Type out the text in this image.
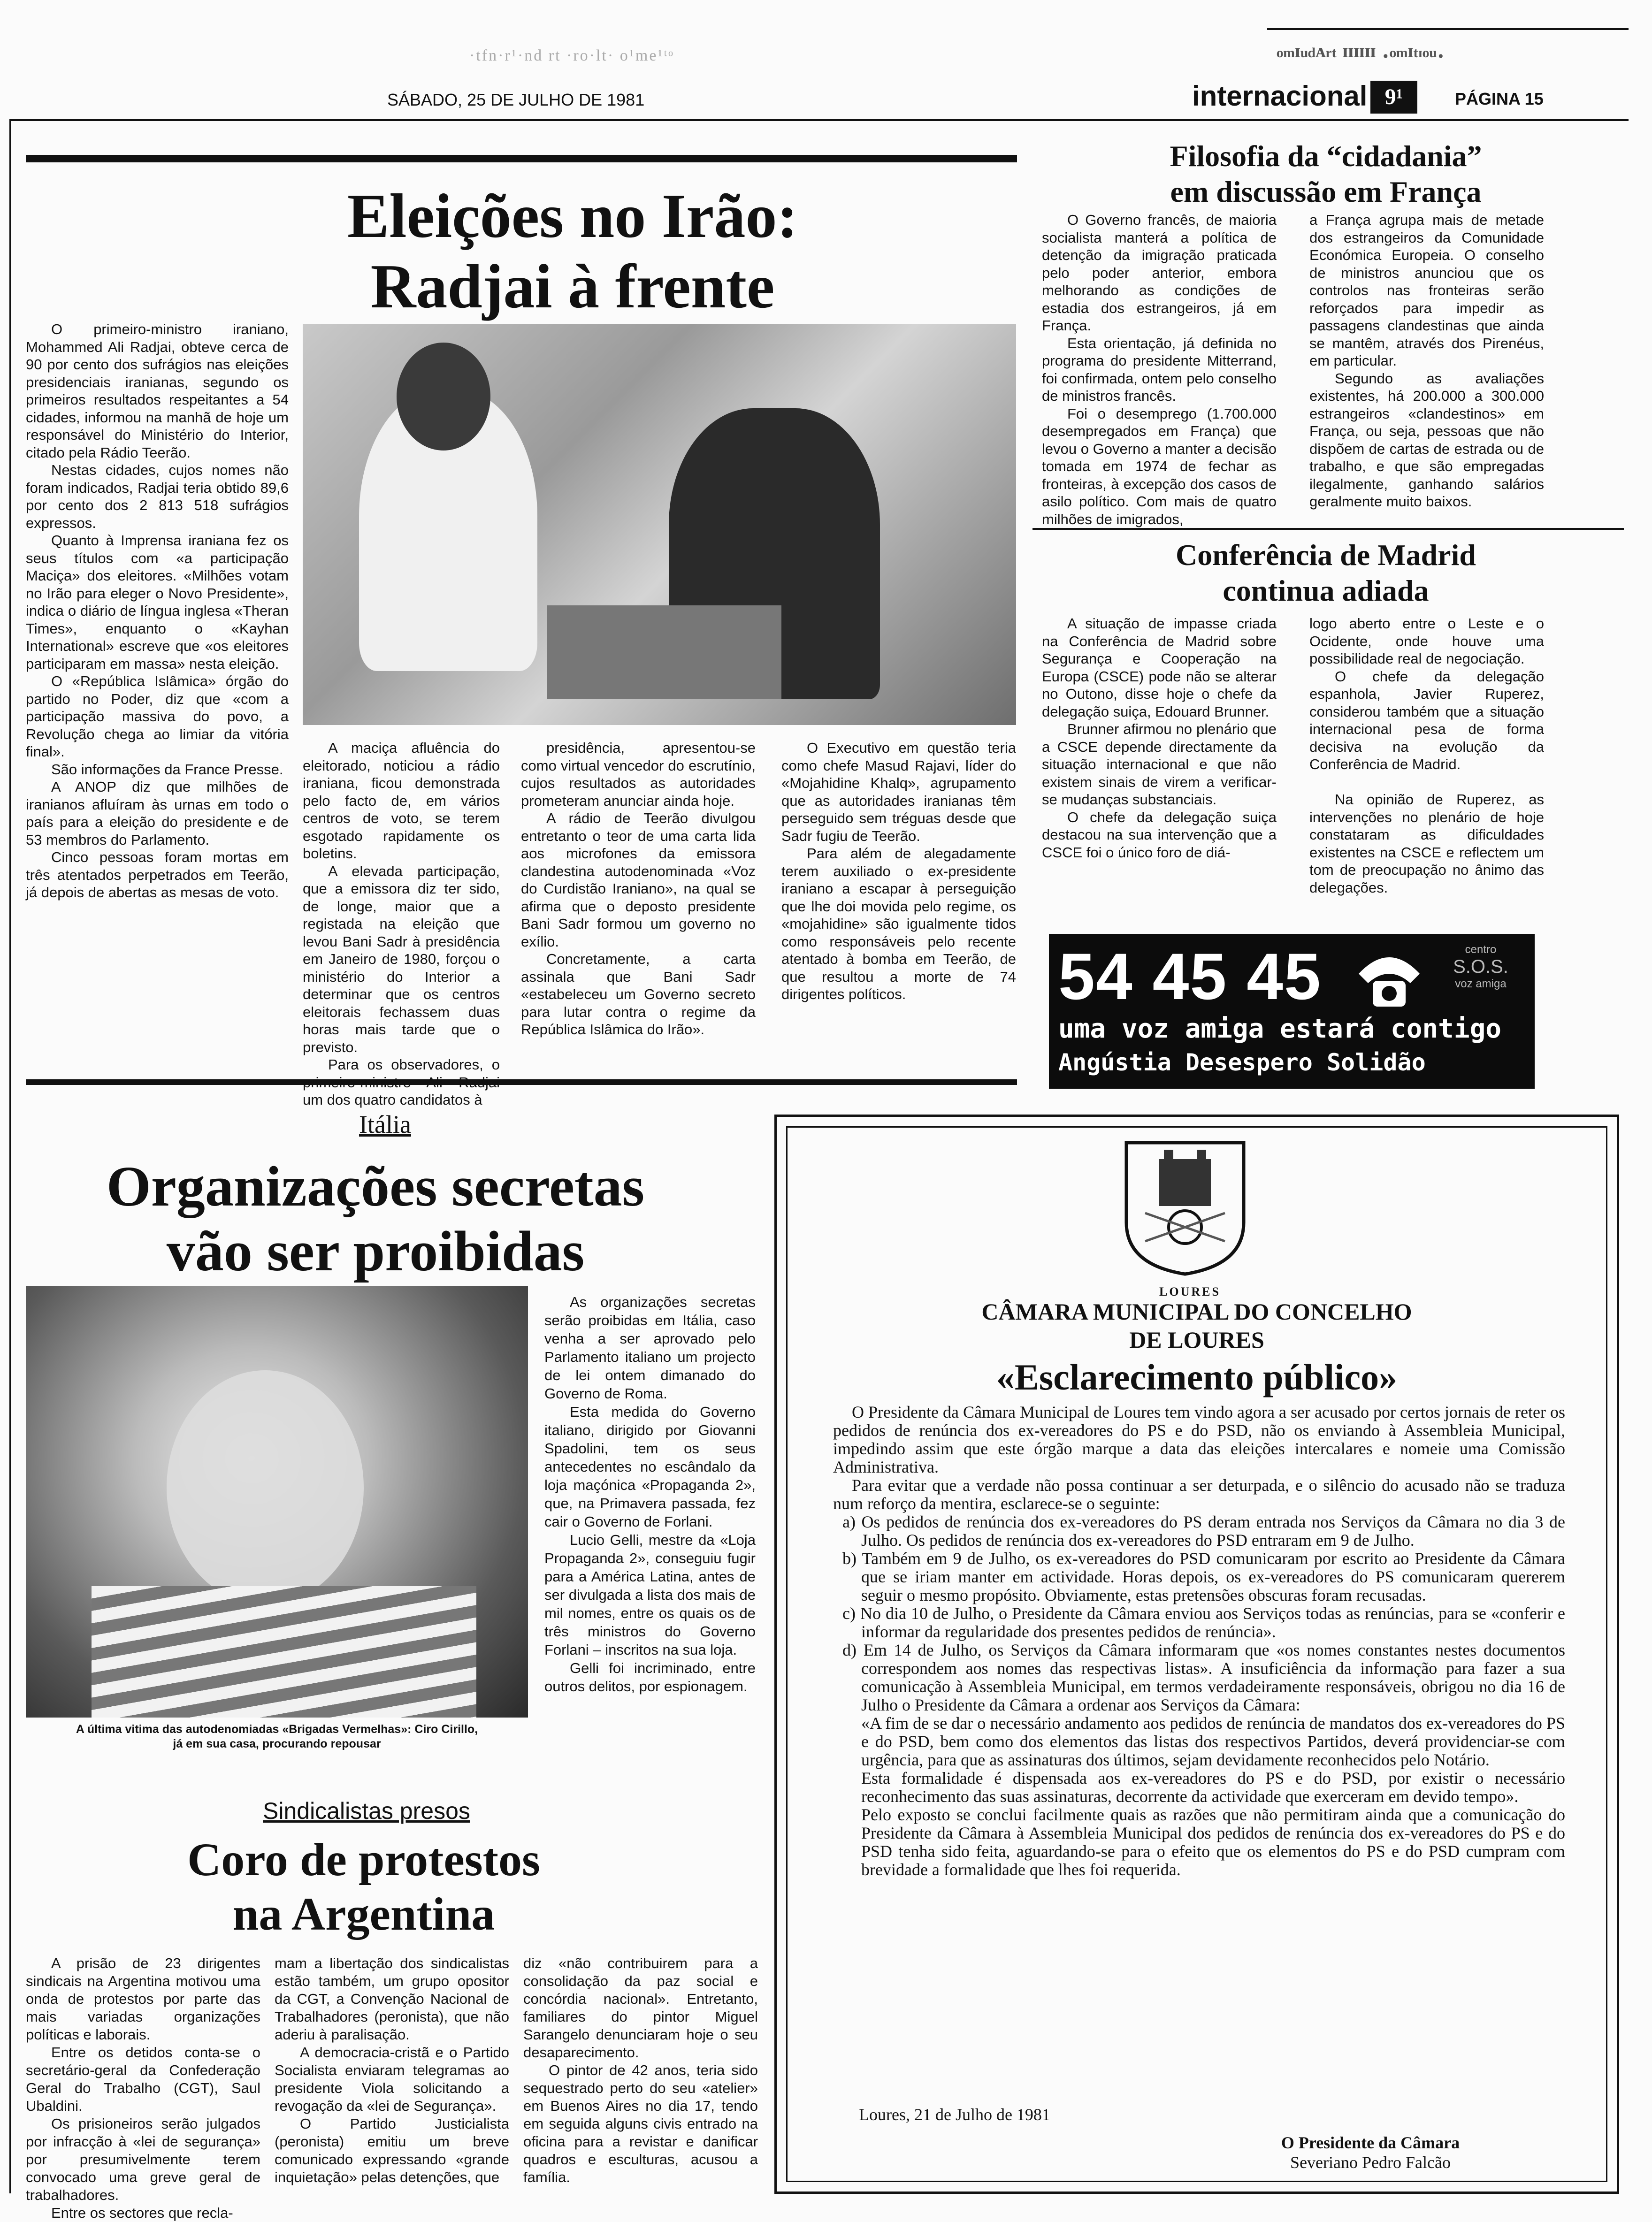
·tfn·r¹·nd rt ·ro·lt· o¹me¹ᵗᵒ	ᵒᵐᴵᵘᵈᴬʳᵗ ᴵᴵᴵᴵᴵᴵ ·ᵒᵐᴵᵗᶦᵒᵘ·
SÁBADO, 25 DE JULHO DE 1981	internacional 9¹	PÁGINA 15
Eleições no Irão:
Radjai à frente

O primeiro-ministro iraniano, Mohammed Ali Radjai, obteve cerca de 90 por cento dos sufrágios nas eleições presidenciais iranianas, segundo os primeiros resultados respeitantes a 54 cidades, informou na manhã de hoje um responsável do Ministério do Interior, citado pela Rádio Teerão.

Nestas cidades, cujos nomes não foram indicados, Radjai teria obtido 89,6 por cento dos 2 813 518 sufrágios expressos.

Quanto à Imprensa iraniana fez os seus títulos com «a participação Maciça» dos eleitores. «Milhões votam no Irão para eleger o Novo Presidente», indica o diário de língua inglesa «Theran Times», enquanto o «Kayhan International» escreve que «os eleitores participaram em massa» nesta eleição.

O «República Islâmica» órgão do partido no Poder, diz que «com a participação massiva do povo, a Revolução chega ao limiar da vitória final».

São informações da France Presse.

A ANOP diz que milhões de iranianos afluíram às urnas em todo o país para a eleição do presidente e de 53 membros do Parlamento.

Cinco pessoas foram mortas em três atentados perpetrados em Teerão, já depois de abertas as mesas de voto.

A maciça afluência do eleitorado, noticiou a rádio iraniana, ficou demonstrada pelo facto de, em vários centros de voto, se terem esgotado rapidamente os boletins.

A elevada participação, que a emissora diz ter sido, de longe, maior que a registada na eleição que levou Bani Sadr à presidência em Janeiro de 1980, forçou o ministério do Interior a determinar que os centros eleitorais fechassem duas horas mais tarde que o previsto.

Para os observadores, o primeiro-ministro Ali Radjai um dos quatro candidatos à

presidência, apresentou-se como virtual vencedor do escrutínio, cujos resultados as autoridades prometeram anunciar ainda hoje.

A rádio de Teerão divulgou entretanto o teor de uma carta lida aos microfones da emissora clandestina autodenominada «Voz do Curdistão Iraniano», na qual se afirma que o deposto presidente Bani Sadr formou um governo no exílio.

Concretamente, a carta assinala que Bani Sadr «estabeleceu um Governo secreto para lutar contra o regime da República Islâmica do Irão».

O Executivo em questão teria como chefe Masud Rajavi, líder do «Mojahidine Khalq», agrupamento que as autoridades iranianas têm perseguido sem tréguas desde que Sadr fugiu de Teerão.

Para além de alegadamente terem auxiliado o ex-presidente iraniano a escapar à perseguição que lhe doi movida pelo regime, os «mojahidine» são igualmente tidos como responsáveis pelo recente atentado à bomba em Teerão, de que resultou a morte de 74 dirigentes políticos.

Filosofia da “cidadania”
em discussão em França

O Governo francês, de maioria socialista manterá a política de detenção da imigração praticada pelo poder anterior, embora melhorando as condições de estadia dos estrangeiros, já em França.

Esta orientação, já definida no programa do presidente Mitterrand, foi confirmada, ontem pelo conselho de ministros francês.

Foi o desemprego (1.700.000 desempregados em França) que levou o Governo a manter a decisão tomada em 1974 de fechar as fronteiras, à excepção dos casos de asilo político. Com mais de quatro milhões de imigrados,

a França agrupa mais de metade dos estrangeiros da Comunidade Económica Europeia. O conselho de ministros anunciou que os controlos nas fronteiras serão reforçados para impedir as passagens clandestinas que ainda se mantêm, através dos Pirenéus, em particular.

Segundo as avaliações existentes, há 200.000 a 300.000 estrangeiros «clandestinos» em França, ou seja, pessoas que não dispõem de cartas de estrada ou de trabalho, e que são empregadas ilegalmente, ganhando salários geralmente muito baixos.

Conferência de Madrid
continua adiada

A situação de impasse criada na Conferência de Madrid sobre Segurança e Cooperação na Europa (CSCE) pode não se alterar no Outono, disse hoje o chefe da delegação suiça, Edouard Brunner.

Brunner afirmou no plenário que a CSCE depende directamente da situação internacional e que não existem sinais de virem a verificar-se mudanças substanciais.

O chefe da delegação suiça destacou na sua intervenção que a CSCE foi o único foro de diá-

logo aberto entre o Leste e o Ocidente, onde houve uma possibilidade real de negociação.

O chefe da delegação espanhola, Javier Ruperez, considerou também que a situação internacional pesa de forma decisiva na evolução da Conferência de Madrid.

Na opinião de Ruperez, as intervenções no plenário de hoje constataram as dificuldades existentes na CSCE e reflectem um tom de preocupação no ânimo das delegações.

54 45 45	centro
S.O.S.
voz amiga
uma voz amiga estará contigo
Angústia Desespero Solidão
Itália
Organizações secretas
vão ser proibidas
A última vitima das autodenomiadas «Brigadas Vermelhas»: Ciro Cirillo,
já em sua casa, procurando repousar

As organizações secretas serão proibidas em Itália, caso venha a ser aprovado pelo Parlamento italiano um projecto de lei ontem dimanado do Governo de Roma.

Esta medida do Governo italiano, dirigido por Giovanni Spadolini, tem os seus antecedentes no escândalo da loja maçónica «Propaganda 2», que, na Primavera passada, fez cair o Governo de Forlani.

Lucio Gelli, mestre da «Loja Propaganda 2», conseguiu fugir para a América Latina, antes de ser divulgada a lista dos mais de mil nomes, entre os quais os de três ministros do Governo Forlani – inscritos na sua loja.

Gelli foi incriminado, entre outros delitos, por espionagem.

Sindicalistas presos
Coro de protestos
na Argentina

A prisão de 23 dirigentes sindicais na Argentina motivou uma onda de protestos por parte das mais variadas organizações políticas e laborais.

Entre os detidos conta-se o secretário-geral da Confederação Geral do Trabalho (CGT), Saul Ubaldini.

Os prisioneiros serão julgados por infracção à «lei de segurança» por presumivelmente terem convocado uma greve geral de trabalhadores.

Entre os sectores que recla-

mam a libertação dos sindicalistas estão também, um grupo opositor da CGT, a Convenção Nacional de Trabalhadores (peronista), que não aderiu à paralisação.

A democracia-cristã e o Partido Socialista enviaram telegramas ao presidente Viola solicitando a revogação da «lei de Segurança».

O Partido Justicialista (peronista) emitiu um breve comunicado expressando «grande inquietação» pelas detenções, que

diz «não contribuirem para a consolidação da paz social e concórdia nacional». Entretanto, familiares do pintor Miguel Sarangelo denunciaram hoje o seu desaparecimento.

O pintor de 42 anos, teria sido sequestrado perto do seu «atelier» em Buenos Aires no dia 17, tendo em seguida alguns civis entrado na oficina para a revistar e danificar quadros e esculturas, acusou a família.

LOURES
CÂMARA MUNICIPAL DO CONCELHO
DE LOURES
«Esclarecimento público»

O Presidente da Câmara Municipal de Loures tem vindo agora a ser acusado por certos jornais de reter os pedidos de renúncia dos ex-vereadores do PS e do PSD, não os enviando à Assembleia Municipal, impedindo assim que este órgão marque a data das eleições intercalares e nomeie uma Comissão Administrativa.

Para evitar que a verdade não possa continuar a ser deturpada, e o silêncio do acusado não se traduza num reforço da mentira, esclarece-se o seguinte:

a) Os pedidos de renúncia dos ex-vereadores do PS deram entrada nos Serviços da Câmara no dia 3 de Julho. Os pedidos de renúncia dos ex-vereadores do PSD entraram em 9 de Julho.

b) Também em 9 de Julho, os ex-vereadores do PSD comunicaram por escrito ao Presidente da Câmara que se iriam manter em actividade. Horas depois, os ex-vereadores do PS comunicaram quererem seguir o mesmo propósito. Obviamente, estas pretensões obscuras foram recusadas.

c) No dia 10 de Julho, o Presidente da Câmara enviou aos Serviços todas as renúncias, para se «conferir e informar da regularidade dos presentes pedidos de renúncia».

d) Em 14 de Julho, os Serviços da Câmara informaram que «os nomes constantes nestes documentos correspondem aos nomes das respectivas listas». A insuficiência da informação para fazer a sua comunicação à Assembleia Municipal, em termos verdadeiramente responsáveis, obrigou no dia 16 de Julho o Presidente da Câmara a ordenar aos Serviços da Câmara:

«A fim de se dar o necessário andamento aos pedidos de renúncia de mandatos dos ex-vereadores do PS e do PSD, bem como dos elementos das listas dos respectivos Partidos, deverá providenciar-se com urgência, para que as assinaturas dos últimos, sejam devidamente reconhecidos pelo Notário.

Esta formalidade é dispensada aos ex-vereadores do PS e do PSD, por existir o necessário reconhecimento das suas assinaturas, decorrente da actividade que exerceram em devido tempo».

Pelo exposto se conclui facilmente quais as razões que não permitiram ainda que a comunicação do Presidente da Câmara à Assembleia Municipal dos pedidos de renúncia dos ex-vereadores do PS e do PSD tenha sido feita, aguardando-se para o efeito que os elementos do PS e do PSD cumpram com brevidade a formalidade que lhes foi requerida.

Loures, 21 de Julho de 1981
O Presidente da Câmara
Severiano Pedro Falcão
